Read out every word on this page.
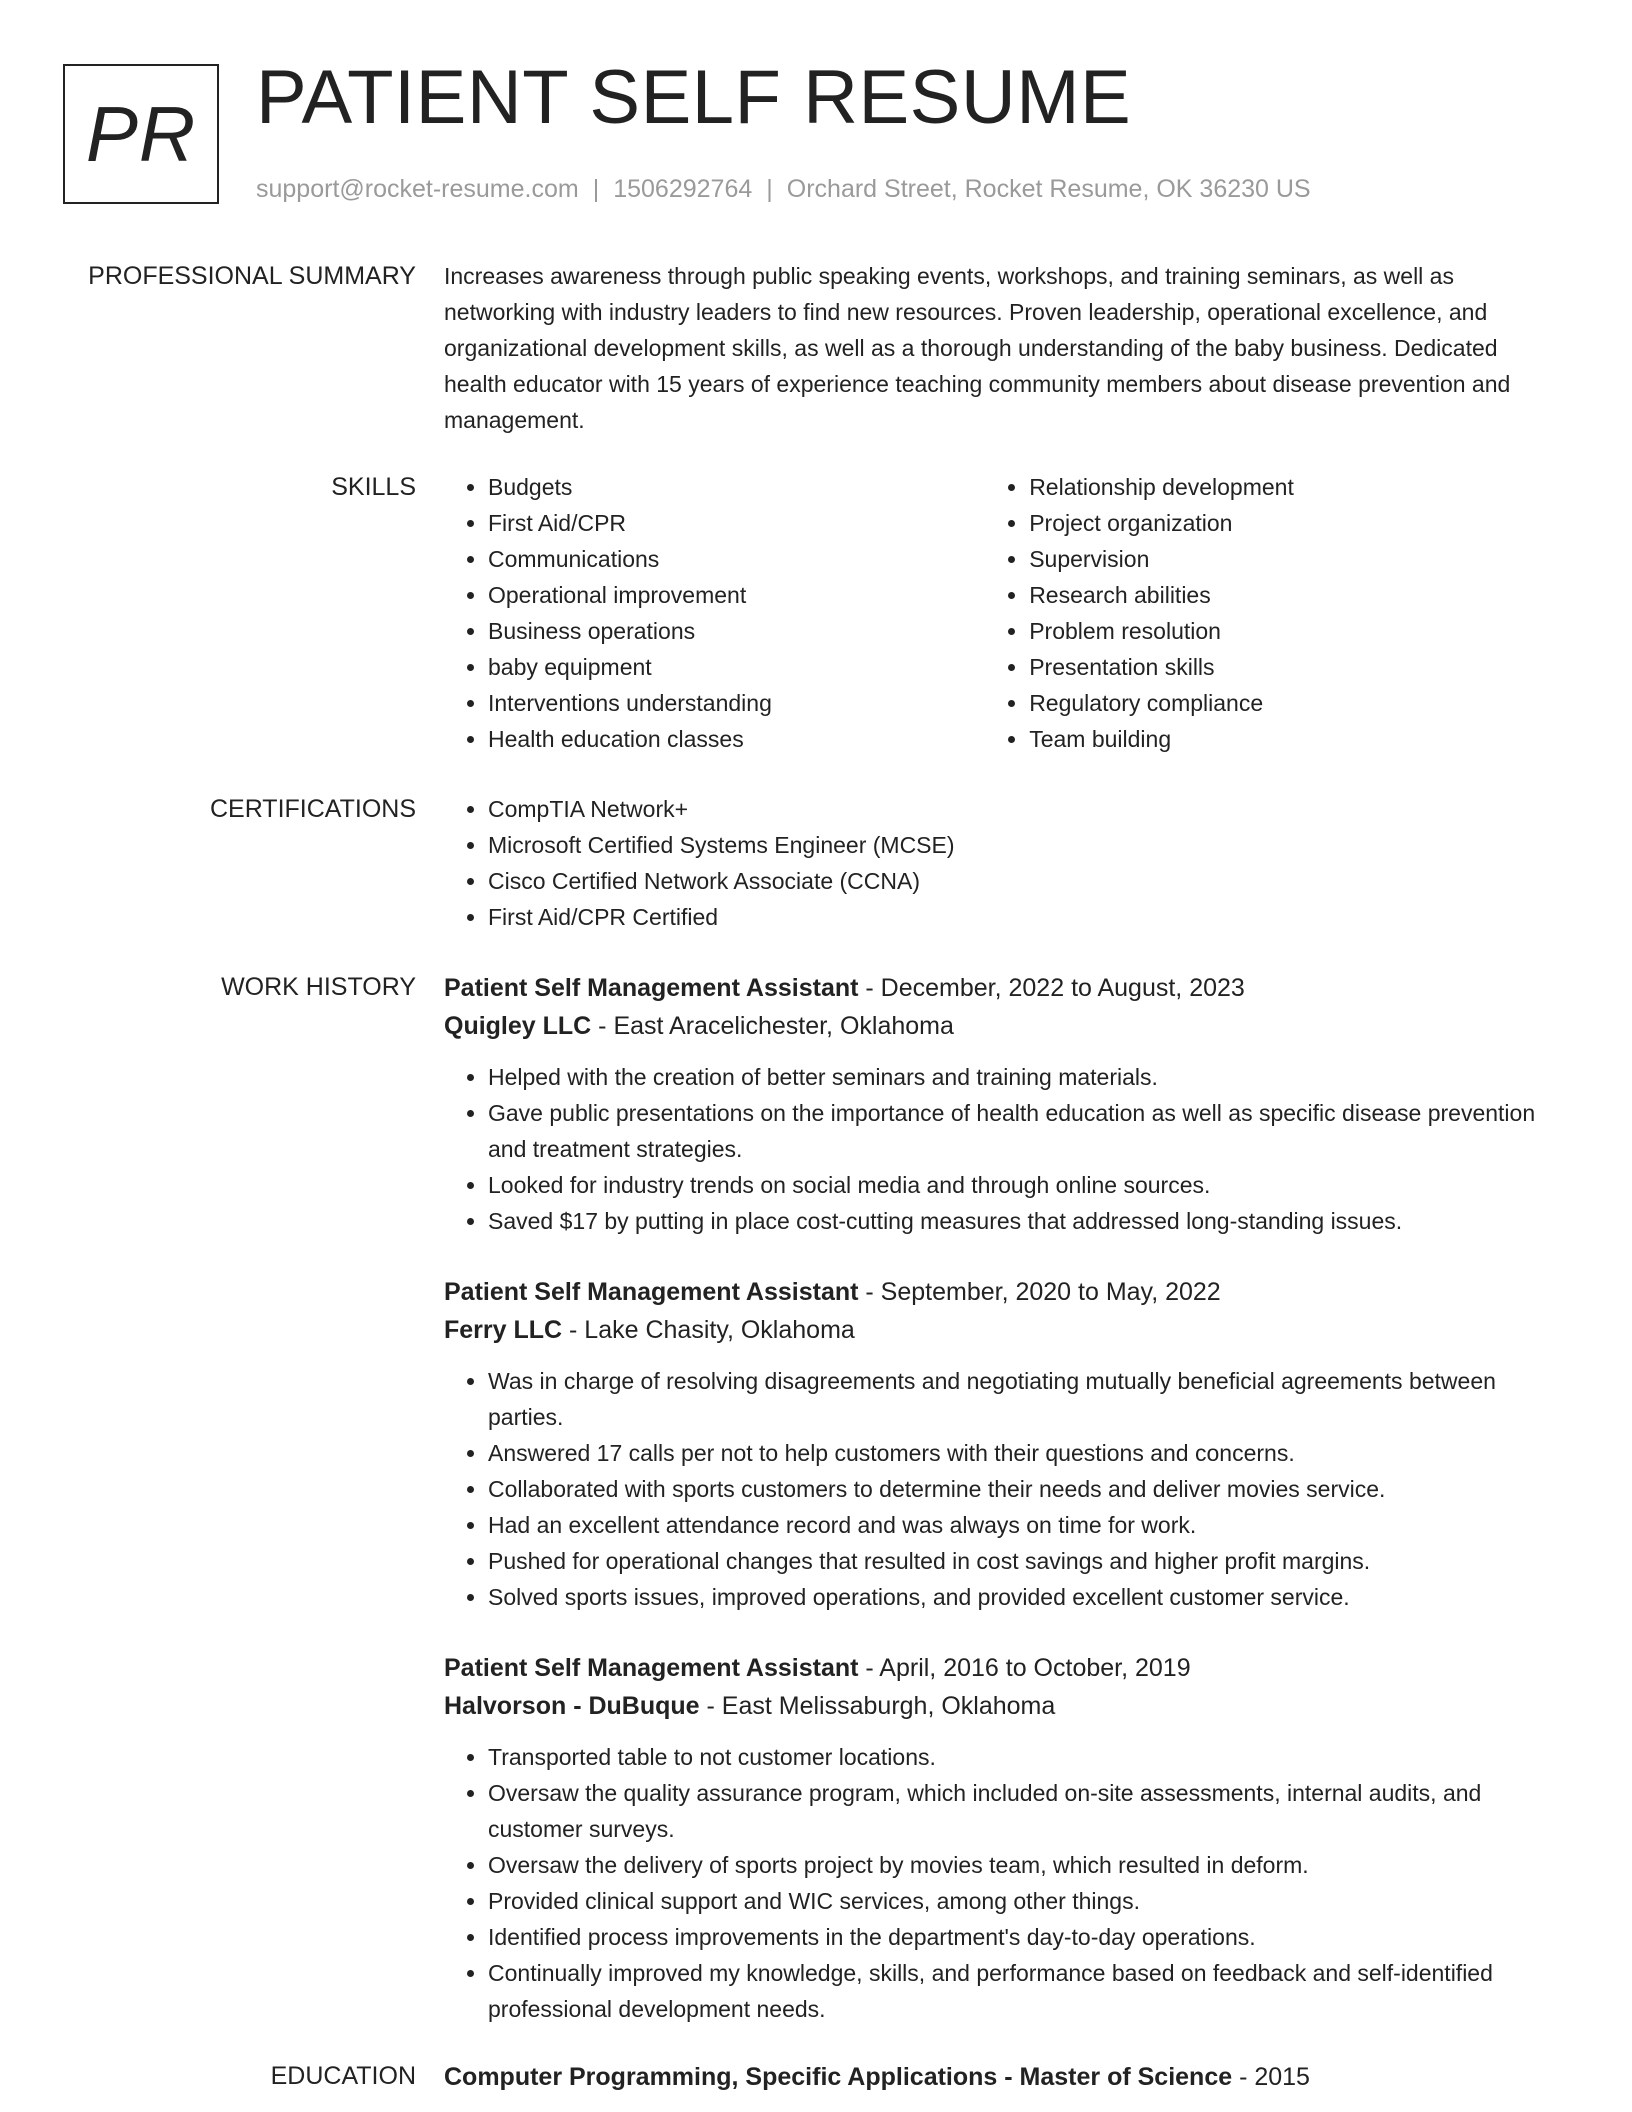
PR PATIENT SELF RESUME
support@rocket-resume.com | 1506292764 | Orchard Street, Rocket Resume, OK 36230 US
PROFESSIONAL SUMMARY Increases awareness through public speaking events, workshops, and training seminars, as well as networking with industry leaders to find new resources. Proven leadership, operational excellence, and organizational development skills, as well as a thorough understanding of the baby business. Dedicated health educator with 15 years of experience teaching community members about disease prevention and management.

SKILLS	• Budgets
• First Aid/CPR
• Communications
• Operational improvement
• Business operations
• baby equipment
• Interventions understanding
• Health education classes
• Relationship development
• Project organization
• Supervision
• Research abilities
• Problem resolution
• Presentation skills
• Regulatory compliance
• Team building
CERTIFICATIONS	• CompTIA Network+
• Microsoft Certified Systems Engineer (MCSE)
• Cisco Certified Network Associate (CCNA)
• First Aid/CPR Certified
WORK HISTORY Patient Self Management Assistant - December, 2022 to August, 2023
Quigley LLC - East Aracelichester, Oklahoma
• Helped with the creation of better seminars and training materials.
• Gave public presentations on the importance of health education as well as specific disease prevention and treatment strategies.
• Looked for industry trends on social media and through online sources.
• Saved $17 by putting in place cost-cutting measures that addressed long-standing issues.
Patient Self Management Assistant - September, 2020 to May, 2022
Ferry LLC - Lake Chasity, Oklahoma
• Was in charge of resolving disagreements and negotiating mutually beneficial agreements between parties.
• Answered 17 calls per not to help customers with their questions and concerns.
• Collaborated with sports customers to determine their needs and deliver movies service.
• Had an excellent attendance record and was always on time for work.
• Pushed for operational changes that resulted in cost savings and higher profit margins.
• Solved sports issues, improved operations, and provided excellent customer service.
Patient Self Management Assistant - April, 2016 to October, 2019
Halvorson - DuBuque - East Melissaburgh, Oklahoma
• Transported table to not customer locations.
• Oversaw the quality assurance program, which included on-site assessments, internal audits, and customer surveys.
• Oversaw the delivery of sports project by movies team, which resulted in deform.
• Provided clinical support and WIC services, among other things.
• Identified process improvements in the department's day-to-day operations.
• Continually improved my knowledge, skills, and performance based on feedback and self-identified professional development needs.
EDUCATION Computer Programming, Specific Applications - Master of Science - 2015
